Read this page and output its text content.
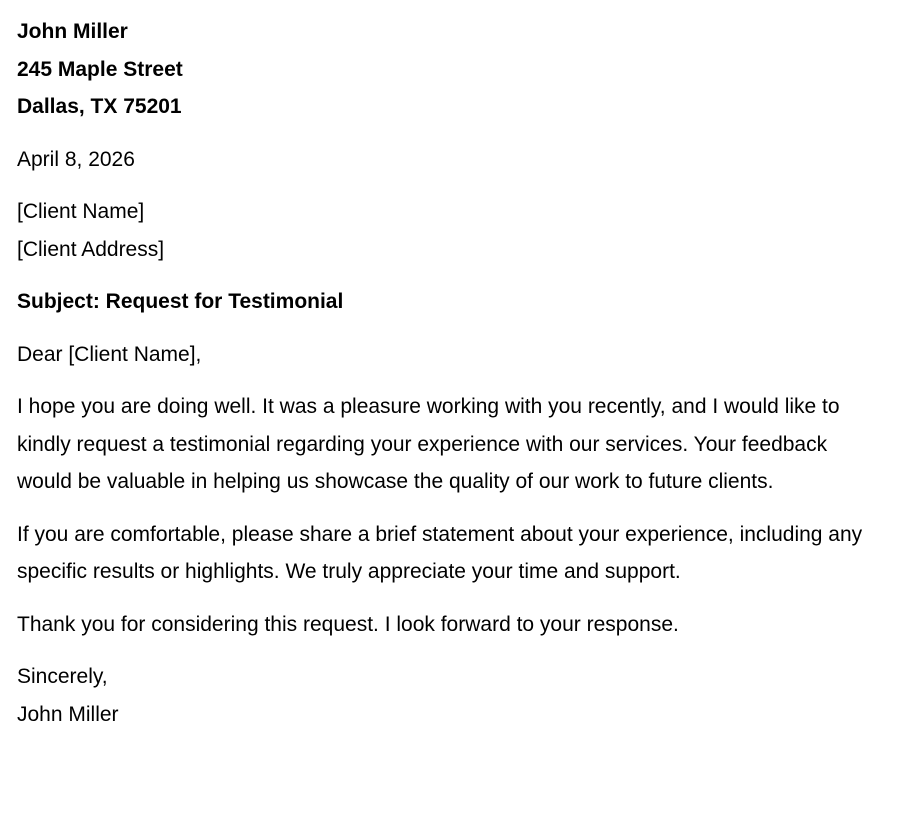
John Miller
245 Maple Street
Dallas, TX 75201
April 8, 2026
[Client Name]
[Client Address]
Subject: Request for Testimonial
Dear [Client Name],

I hope you are doing well. It was a pleasure working with you recently, and I would like to kindly request a testimonial regarding your experience with our services. Your feedback would be valuable in helping us showcase the quality of our work to future clients.

If you are comfortable, please share a brief statement about your experience, including any specific results or highlights. We truly appreciate your time and support.

Thank you for considering this request. I look forward to your response.

Sincerely,
John Miller
